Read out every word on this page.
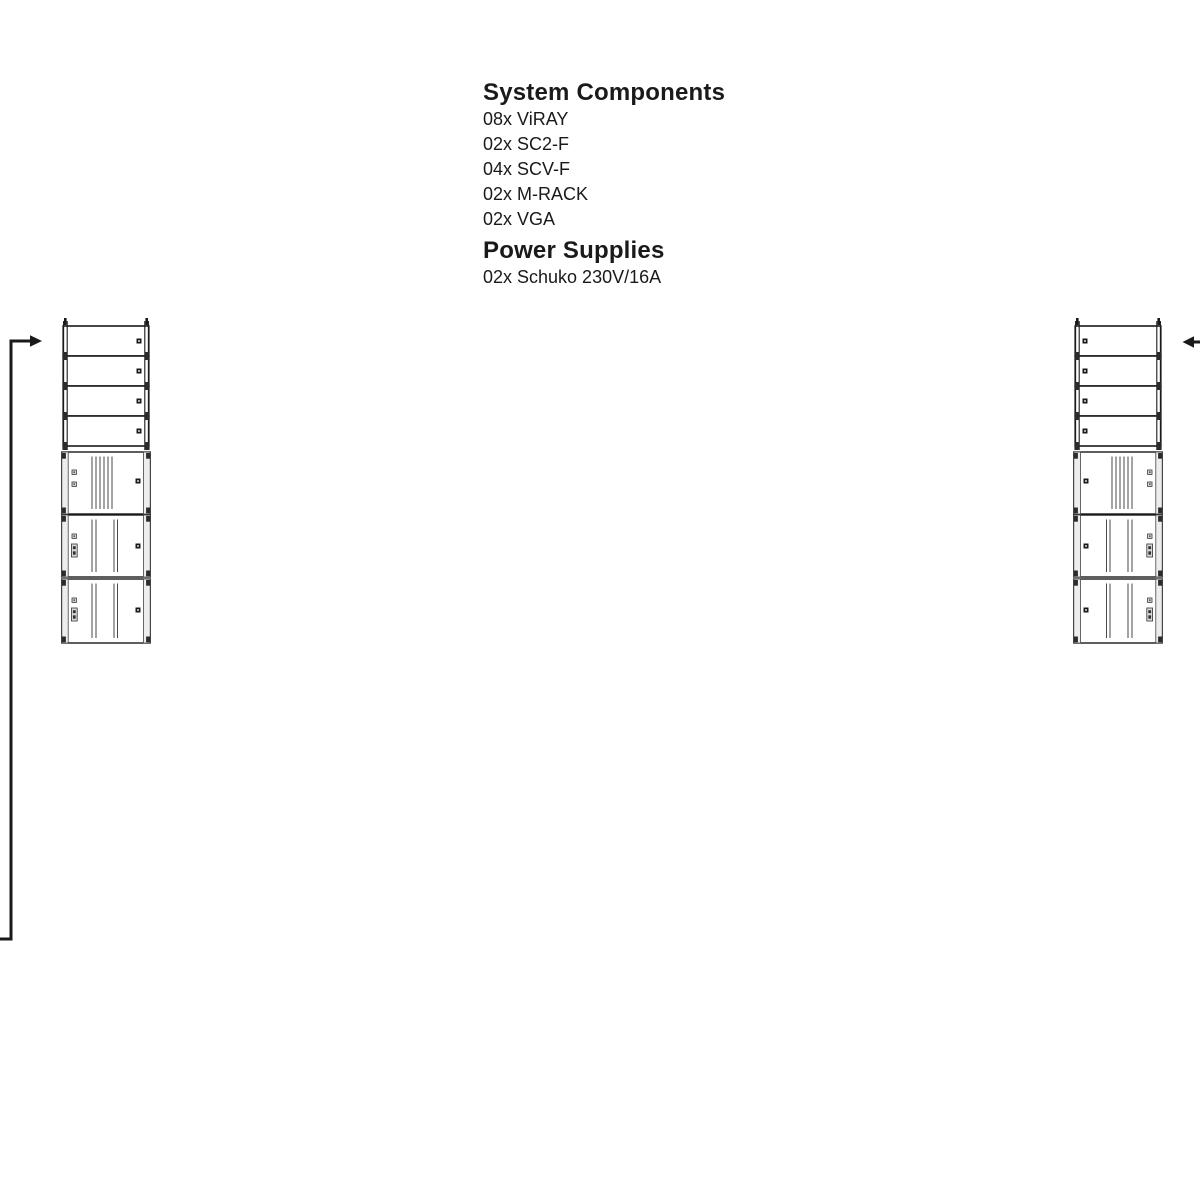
System Components
08x ViRAY
02x SC2-F
04x SCV-F
02x M-RACK
02x VGA
Power Supplies
02x Schuko 230V/16A
